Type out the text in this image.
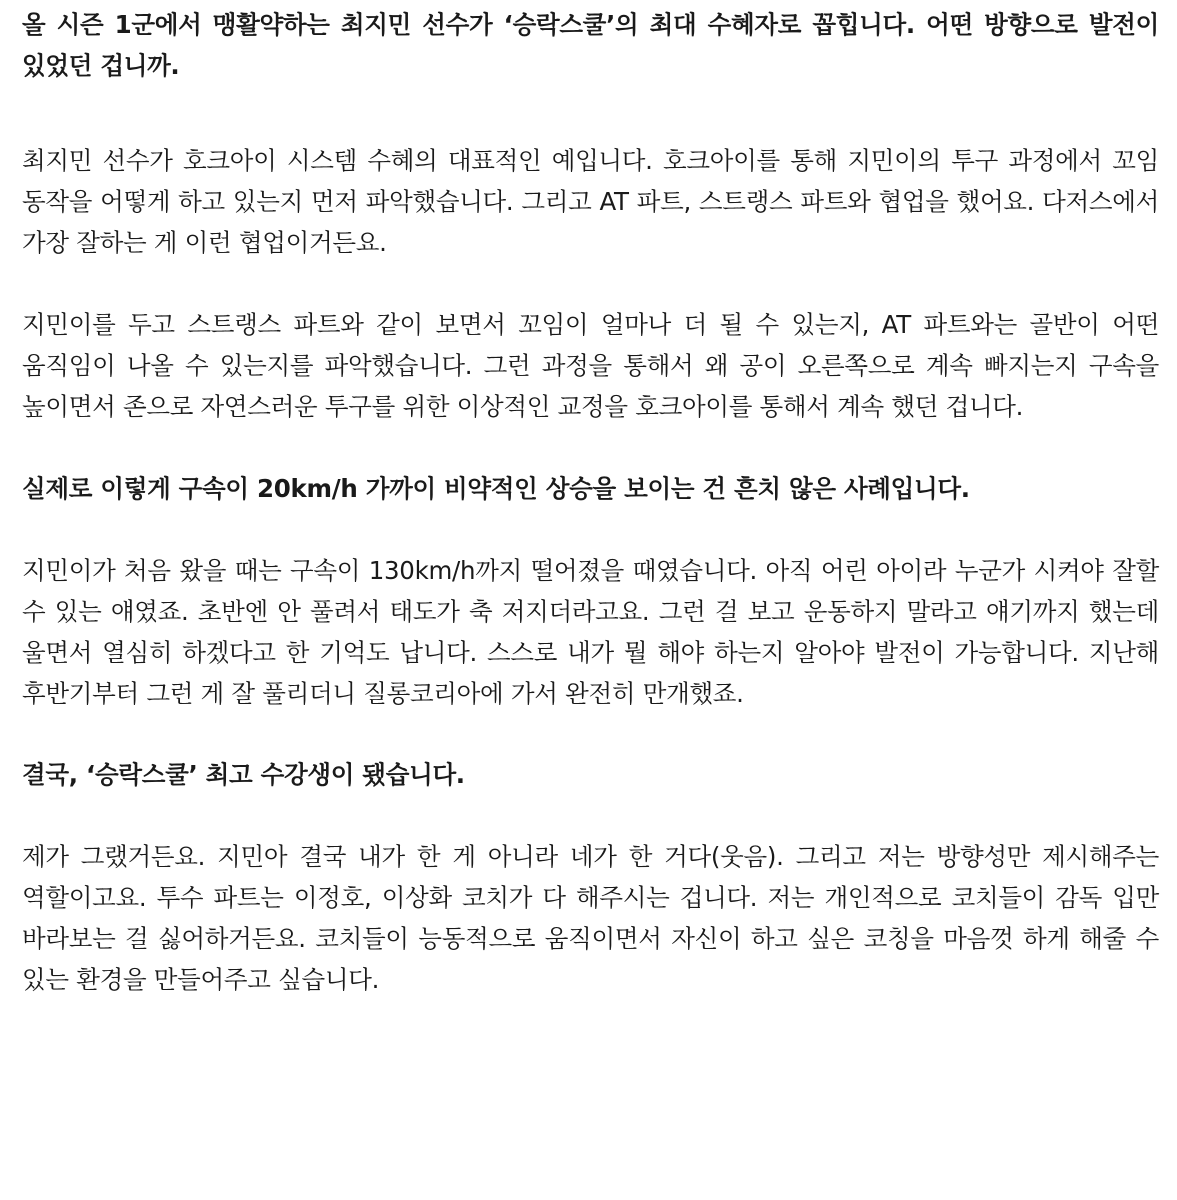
올 시즌 1군에서 맹활약하는 최지민 선수가 ‘승락스쿨’의 최대 수혜자로 꼽힙니다. 어떤 방향으로 발전이 있었던 겁니까.

최지민 선수가 호크아이 시스템 수혜의 대표적인 예입니다. 호크아이를 통해 지민이의 투구 과정에서 꼬임 동작을 어떻게 하고 있는지 먼저 파악했습니다. 그리고 AT 파트, 스트랭스 파트와 협업을 했어요. 다저스에서 가장 잘하는 게 이런 협업이거든요.

지민이를 두고 스트랭스 파트와 같이 보면서 꼬임이 얼마나 더 될 수 있는지, AT 파트와는 골반이 어떤 움직임이 나올 수 있는지를 파악했습니다. 그런 과정을 통해서 왜 공이 오른쪽으로 계속 빠지는지 구속을 높이면서 존으로 자연스러운 투구를 위한 이상적인 교정을 호크아이를 통해서 계속 했던 겁니다.

실제로 이렇게 구속이 20km/h 가까이 비약적인 상승을 보이는 건 흔치 않은 사례입니다.

지민이가 처음 왔을 때는 구속이 130km/h까지 떨어졌을 때였습니다. 아직 어린 아이라 누군가 시켜야 잘할 수 있는 얘였죠. 초반엔 안 풀려서 태도가 축 저지더라고요. 그런 걸 보고 운동하지 말라고 얘기까지 했는데 울면서 열심히 하겠다고 한 기억도 납니다. 스스로 내가 뭘 해야 하는지 알아야 발전이 가능합니다. 지난해 후반기부터 그런 게 잘 풀리더니 질롱코리아에 가서 완전히 만개했죠.

결국, ‘승락스쿨’ 최고 수강생이 됐습니다.

제가 그랬거든요. 지민아 결국 내가 한 게 아니라 네가 한 거다(웃음). 그리고 저는 방향성만 제시해주는 역할이고요. 투수 파트는 이정호, 이상화 코치가 다 해주시는 겁니다. 저는 개인적으로 코치들이 감독 입만 바라보는 걸 싫어하거든요. 코치들이 능동적으로 움직이면서 자신이 하고 싶은 코칭을 마음껏 하게 해줄 수 있는 환경을 만들어주고 싶습니다.
